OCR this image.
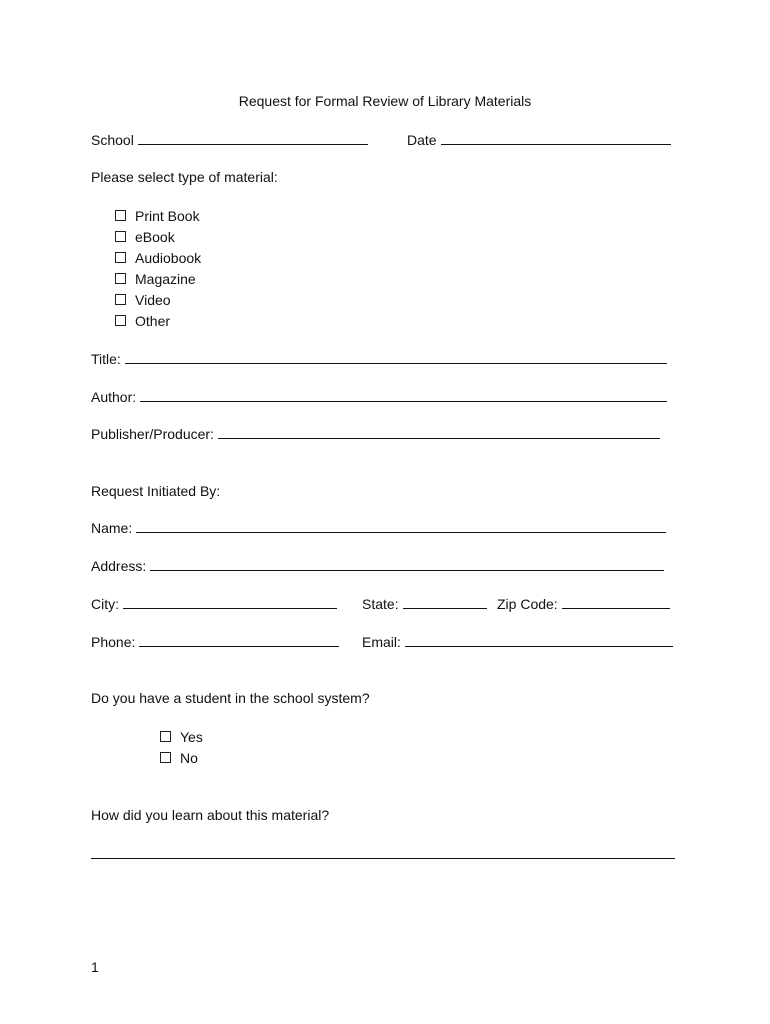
Request for Formal Review of Library Materials
School	Date
Please select type of material:
Print Book
eBook
Audiobook
Magazine
Video
Other
Title:
Author:
Publisher/Producer:
Request Initiated By:
Name:
Address:
City:	State:	Zip Code:
Phone:	Email:
Do you have a student in the school system?
Yes
No
How did you learn about this material?
1
